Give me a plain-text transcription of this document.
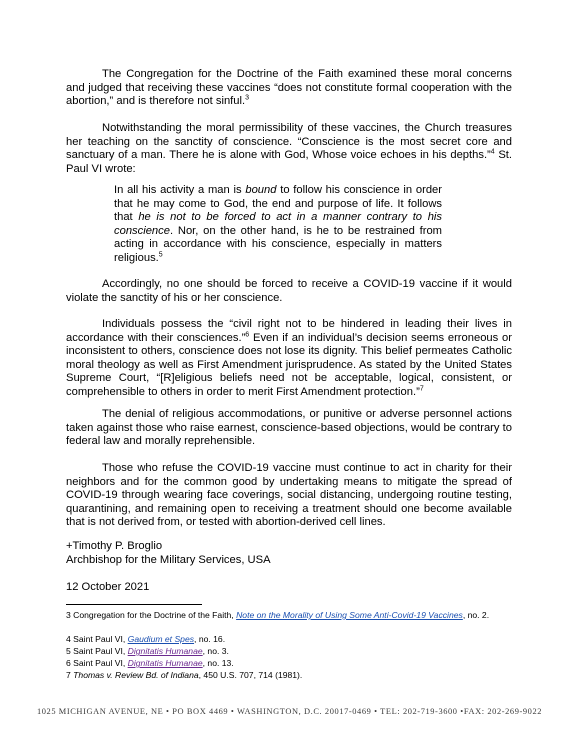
The Congregation for the Doctrine of the Faith examined these moral concerns and judged that receiving these vaccines “does not constitute formal cooperation with the abortion,” and is therefore not sinful.$^3$

Notwithstanding the moral permissibility of these vaccines, the Church treasures her teaching on the sanctity of conscience. “Conscience is the most secret core and sanctuary of a man. There he is alone with God, Whose voice echoes in his depths.”$^4$ St. Paul VI wrote:

In all his activity a man is bound to follow his conscience in order that he may come to God, the end and purpose of life. It follows that he is not to be forced to act in a manner contrary to his conscience. Nor, on the other hand, is he to be restrained from acting in accordance with his conscience, especially in matters religious.$^5$

Accordingly, no one should be forced to receive a COVID-19 vaccine if it would violate the sanctity of his or her conscience.

Individuals possess the “civil right not to be hindered in leading their lives in accordance with their consciences.”$^6$ Even if an individual’s decision seems erroneous or inconsistent to others, conscience does not lose its dignity. This belief permeates Catholic moral theology as well as First Amendment jurisprudence. As stated by the United States Supreme Court, “[R]eligious beliefs need not be acceptable, logical, consistent, or comprehensible to others in order to merit First Amendment protection.”$^7$

The denial of religious accommodations, or punitive or adverse personnel actions taken against those who raise earnest, conscience-based objections, would be contrary to federal law and morally reprehensible.

Those who refuse the COVID-19 vaccine must continue to act in charity for their neighbors and for the common good by undertaking means to mitigate the spread of COVID-19 through wearing face coverings, social distancing, undergoing routine testing, quarantining, and remaining open to receiving a treatment should one become available that is not derived from, or tested with abortion-derived cell lines.

+Timothy P. Broglio

Archbishop for the Military Services, USA

12 October 2021

3 Congregation for the Doctrine of the Faith, Note on the Morality of Using Some Anti-Covid-19 Vaccines, no. 2.

4 Saint Paul VI, Gaudium et Spes, no. 16.

5 Saint Paul VI, Dignitatis Humanae, no. 3.

6 Saint Paul VI, Dignitatis Humanae, no. 13.

7 Thomas v. Review Bd. of Indiana, 450 U.S. 707, 714 (1981).

1025 MICHIGAN AVENUE, NE • PO BOX 4469 • WASHINGTON, D.C. 20017-0469 • TEL: 202-719-3600 •FAX: 202-269-9022
